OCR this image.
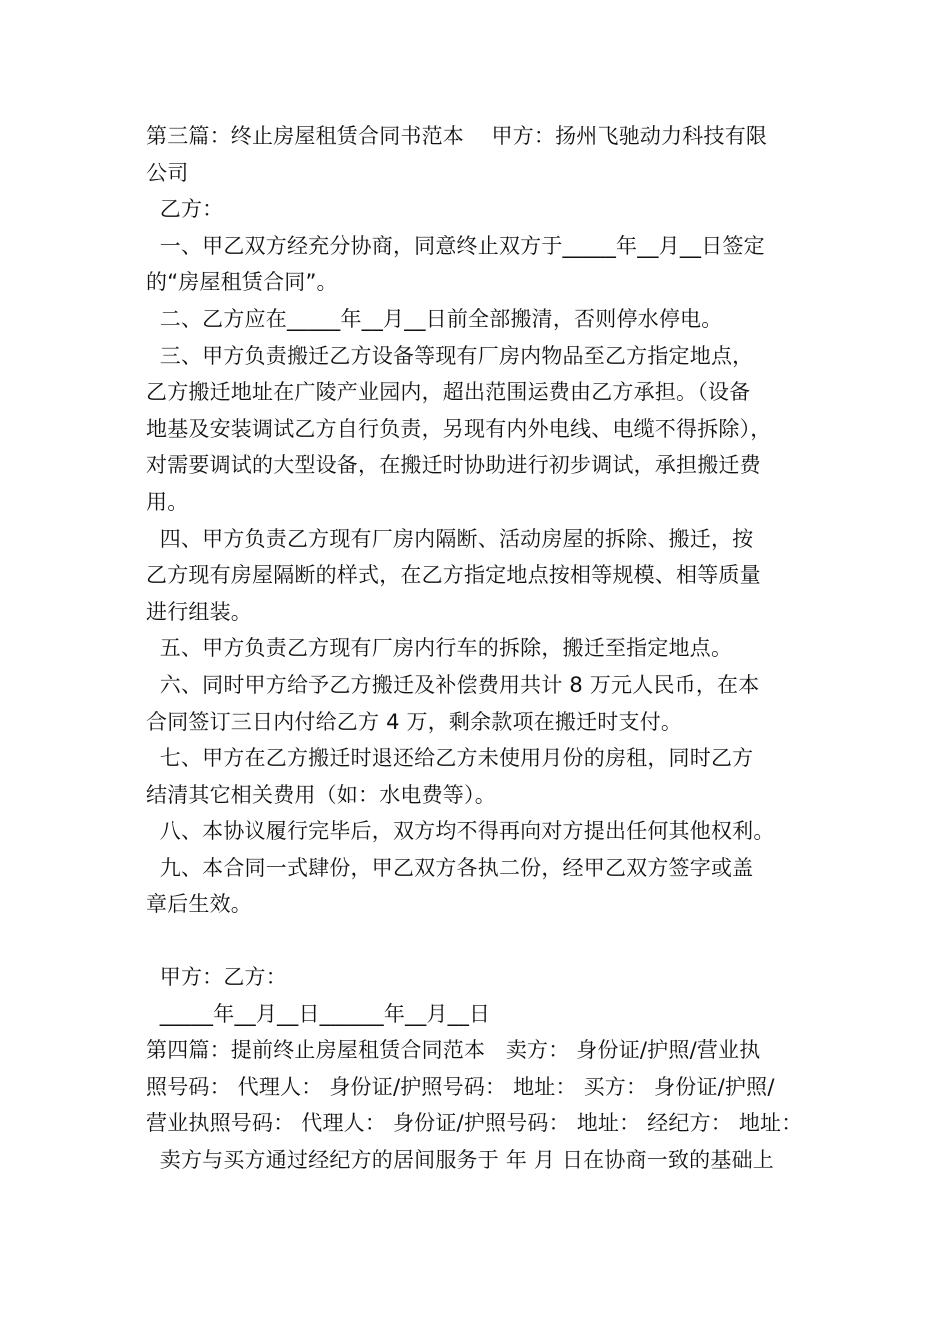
第三篇：终止房屋租赁合同书范本    甲方：扬州飞驰动力科技有限
公司
乙方：
一、甲乙双方经充分协商，同意终止双方于_____年__月__日签定
的“房屋租赁合同”。
二、乙方应在_____年__月__日前全部搬清，否则停水停电。
三、甲方负责搬迁乙方设备等现有厂房内物品至乙方指定地点，
乙方搬迁地址在广陵产业园内，超出范围运费由乙方承担。（设备
地基及安装调试乙方自行负责，另现有内外电线、电缆不得拆除），
对需要调试的大型设备，在搬迁时协助进行初步调试，承担搬迁费
用。
四、甲方负责乙方现有厂房内隔断、活动房屋的拆除、搬迁，按
乙方现有房屋隔断的样式，在乙方指定地点按相等规模、相等质量
进行组装。
五、甲方负责乙方现有厂房内行车的拆除，搬迁至指定地点。
六、同时甲方给予乙方搬迁及补偿费用共计 8 万元人民币，在本
合同签订三日内付给乙方 4 万，剩余款项在搬迁时支付。
七、甲方在乙方搬迁时退还给乙方未使用月份的房租，同时乙方
结清其它相关费用（如：水电费等）。
八、本协议履行完毕后，双方均不得再向对方提出任何其他权利。
九、本合同一式肆份，甲乙双方各执二份，经甲乙双方签字或盖
章后生效。
甲方：乙方：
_____年__月__日______年__月__日
第四篇：提前终止房屋租赁合同范本   卖方： 身份证/护照/营业执
照号码： 代理人： 身份证/护照号码： 地址： 买方： 身份证/护照/
营业执照号码： 代理人： 身份证/护照号码： 地址： 经纪方： 地址：
卖方与买方通过经纪方的居间服务于 年 月 日在协商一致的基础上
